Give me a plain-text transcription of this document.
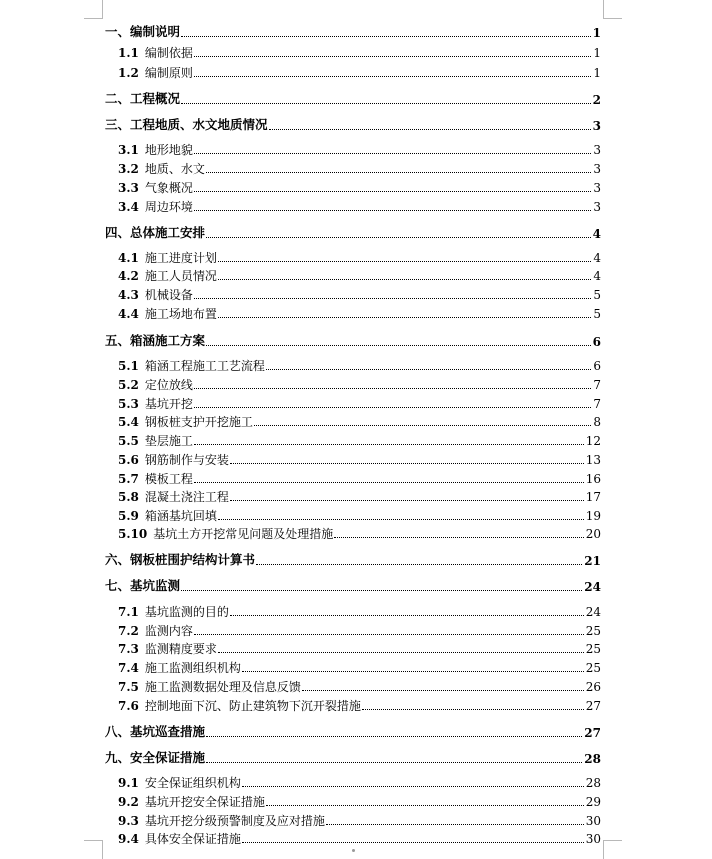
一、编制说明	1
1.1 编制依据	1
1.2 编制原则	1
二、工程概况	2
三、工程地质、水文地质情况	3
3.1 地形地貌	3
3.2 地质、水文	3
3.3 气象概况	3
3.4 周边环境	3
四、总体施工安排	4
4.1 施工进度计划	4
4.2 施工人员情况	4
4.3 机械设备	5
4.4 施工场地布置	5
五、箱涵施工方案	6
5.1 箱涵工程施工工艺流程	6
5.2 定位放线	7
5.3 基坑开挖	7
5.4 钢板桩支护开挖施工	8
5.5 垫层施工	12
5.6 钢筋制作与安装	13
5.7 模板工程	16
5.8 混凝土浇注工程	17
5.9 箱涵基坑回填	19
5.10 基坑土方开挖常见问题及处理措施	20
六、钢板桩围护结构计算书	21
七、基坑监测	24
7.1 基坑监测的目的	24
7.2 监测内容	25
7.3 监测精度要求	25
7.4 施工监测组织机构	25
7.5 施工监测数据处理及信息反馈	26
7.6 控制地面下沉、防止建筑物下沉开裂措施	27
八、基坑巡查措施	27
九、安全保证措施	28
9.1 安全保证组织机构	28
9.2 基坑开挖安全保证措施	29
9.3 基坑开挖分级预警制度及应对措施	30
9.4 具体安全保证措施	30
